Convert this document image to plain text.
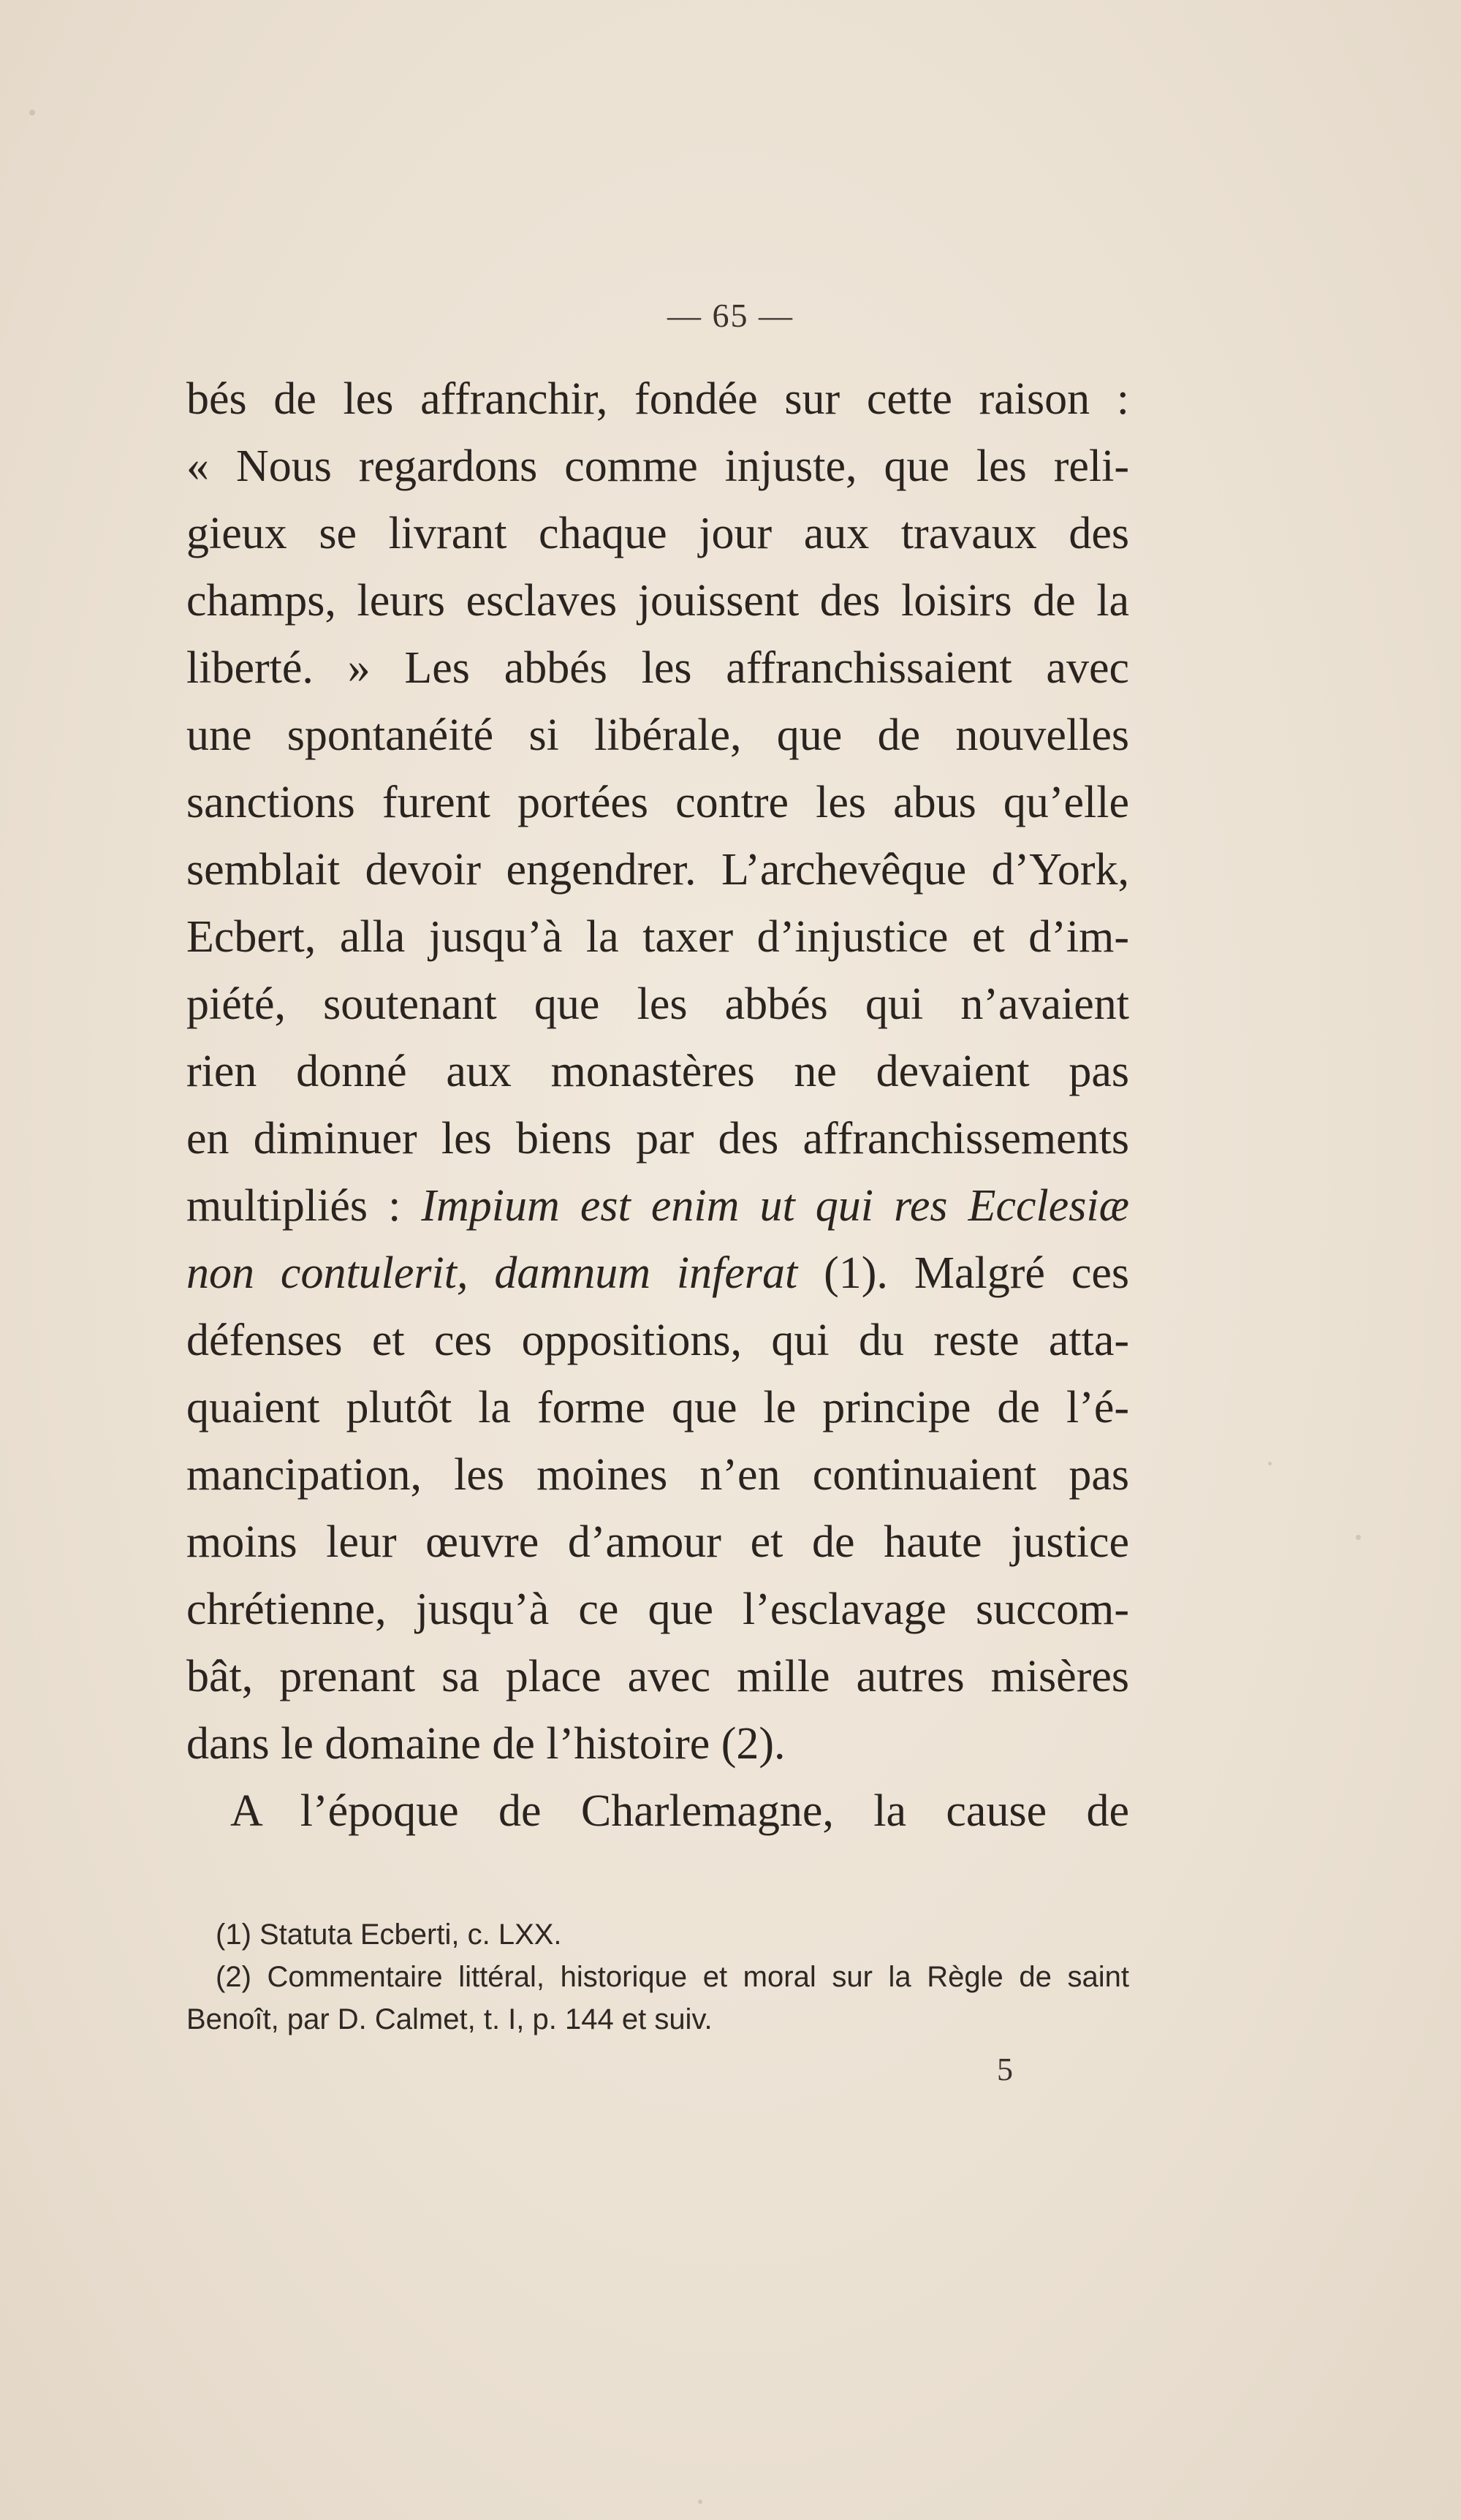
— 65 —
bés de les affranchir, fondée sur cette raison :
« Nous regardons comme injuste, que les reli-
gieux se livrant chaque jour aux travaux des
champs, leurs esclaves jouissent des loisirs de la
liberté. » Les abbés les affranchissaient avec
une spontanéité si libérale, que de nouvelles
sanctions furent portées contre les abus qu’elle
semblait devoir engendrer. L’archevêque d’York,
Ecbert, alla jusqu’à la taxer d’injustice et d’im-
piété, soutenant que les abbés qui n’avaient
rien donné aux monastères ne devaient pas
en diminuer les biens par des affranchissements
multipliés : Impium est enim ut qui res Ecclesiæ
non contulerit, damnum inferat (1). Malgré ces
défenses et ces oppositions, qui du reste atta-
quaient plutôt la forme que le principe de l’é-
mancipation, les moines n’en continuaient pas
moins leur œuvre d’amour et de haute justice
chrétienne, jusqu’à ce que l’esclavage succom-
bât, prenant sa place avec mille autres misères
dans le domaine de l’histoire (2).
A l’époque de Charlemagne, la cause de
(1) Statuta Ecberti, c. LXX.
(2) Commentaire littéral, historique et moral sur la Règle de saint
Benoît, par D. Calmet, t. I, p. 144 et suiv.
5
